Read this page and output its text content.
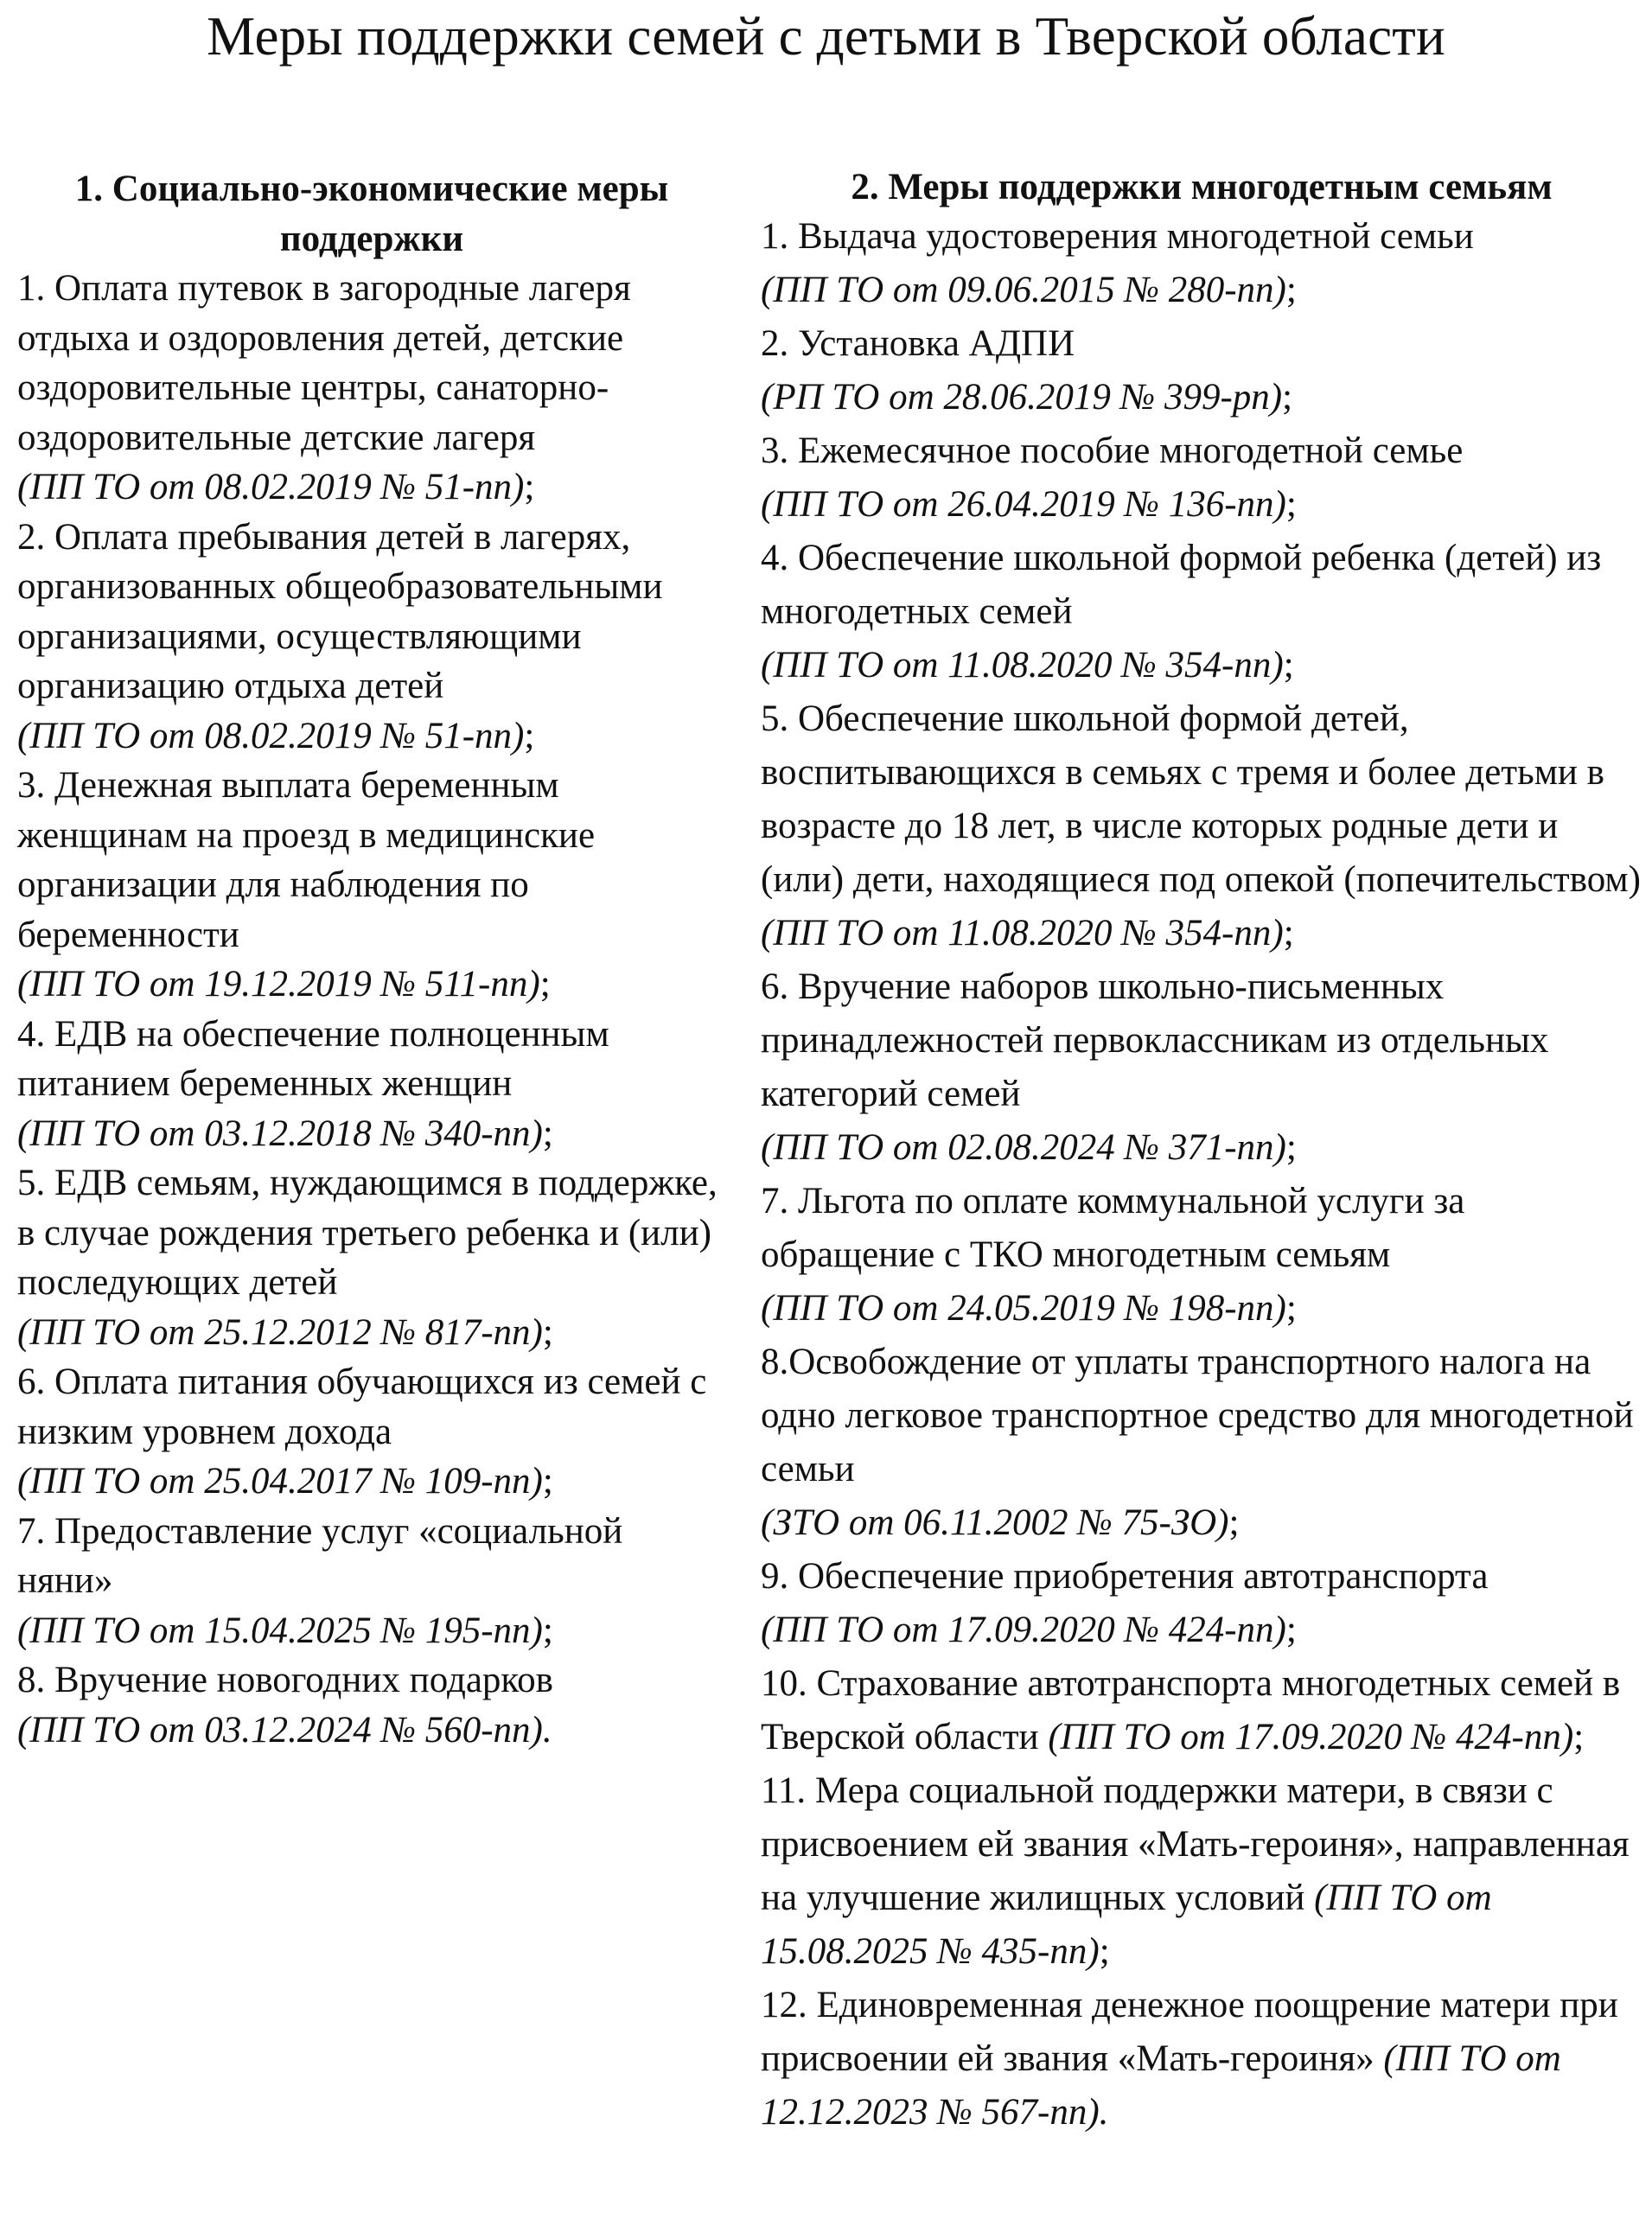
Меры поддержки семей с детьми в Тверской области

1. Социально-экономические меры поддержки

1. Оплата путевок в загородные лагеря отдыха и оздоровления детей, детские оздоровительные центры, санаторно-оздоровительные детские лагеря
(ПП ТО от 08.02.2019 № 51-пп);
2. Оплата пребывания детей в лагерях, организованных общеобразовательными организациями, осуществляющими организацию отдыха детей
(ПП ТО от 08.02.2019 № 51-пп);
3. Денежная выплата беременным женщинам на проезд в медицинские организации для наблюдения по беременности
(ПП ТО от 19.12.2019 № 511-пп);
4. ЕДВ на обеспечение полноценным питанием беременных женщин
(ПП ТО от 03.12.2018 № 340-пп);
5. ЕДВ семьям, нуждающимся в поддержке, в случае рождения третьего ребенка и (или) последующих детей
(ПП ТО от 25.12.2012 № 817-пп);
6. Оплата питания обучающихся из семей с низким уровнем дохода
(ПП ТО от 25.04.2017 № 109-пп);
7. Предоставление услуг «социальной няни»
(ПП ТО от 15.04.2025 № 195-пп);
8. Вручение новогодних подарков
(ПП ТО от 03.12.2024 № 560-пп).

2. Меры поддержки многодетным семьям

1. Выдача удостоверения многодетной семьи
(ПП ТО от 09.06.2015 № 280-пп);
2. Установка АДПИ
(РП ТО от 28.06.2019 № 399-рп);
3. Ежемесячное пособие многодетной семье
(ПП ТО от 26.04.2019 № 136-пп);
4. Обеспечение школьной формой ребенка (детей) из многодетных семей
(ПП ТО от 11.08.2020 № 354-пп);
5. Обеспечение школьной формой детей, воспитывающихся в семьях с тремя и более детьми в возрасте до 18 лет, в числе которых родные дети и (или) дети, находящиеся под опекой (попечительством)
(ПП ТО от 11.08.2020 № 354-пп);
6. Вручение наборов школьно-письменных принадлежностей первоклассникам из отдельных категорий семей
(ПП ТО от 02.08.2024 № 371-пп);
7. Льгота по оплате коммунальной услуги за обращение с ТКО многодетным семьям
(ПП ТО от 24.05.2019 № 198-пп);
8.Освобождение от уплаты транспортного налога на одно легковое транспортное средство для многодетной семьи
(ЗТО от 06.11.2002 № 75-ЗО);
9. Обеспечение приобретения автотранспорта
(ПП ТО от 17.09.2020 № 424-пп);
10. Страхование автотранспорта многодетных семей в Тверской области (ПП ТО от 17.09.2020 № 424-пп);
11. Мера социальной поддержки матери, в связи с присвоением ей звания «Мать-героиня», направленная на улучшение жилищных условий (ПП ТО от 15.08.2025 № 435-пп);
12. Единовременная денежное поощрение матери при присвоении ей звания «Мать-героиня» (ПП ТО от 12.12.2023 № 567-пп).
